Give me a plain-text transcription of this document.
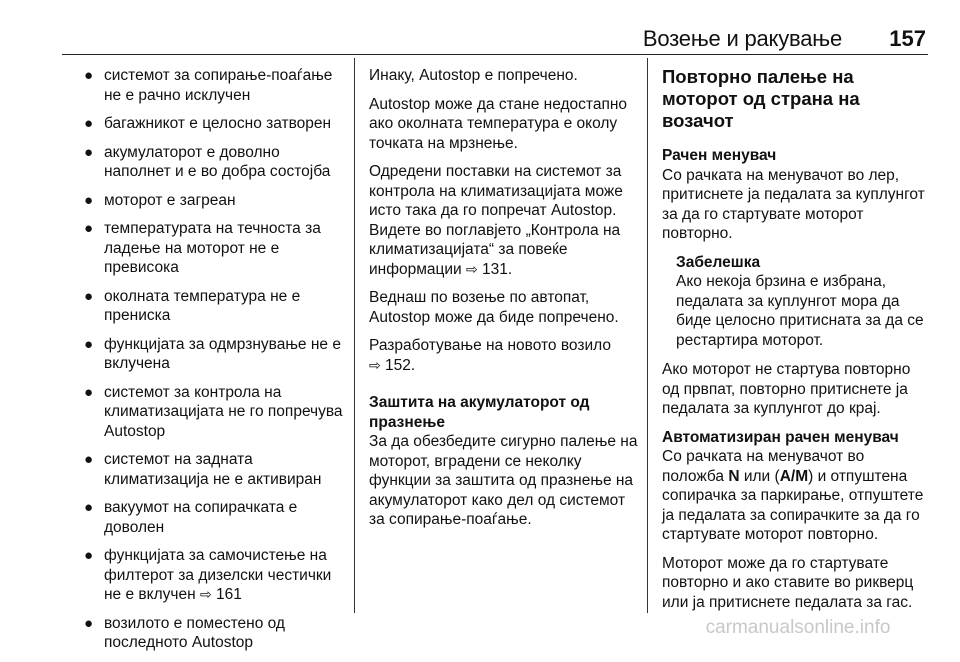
Возење и ракување 157
● системот за сопирање-поаѓање не е рачно исклучен
● багажникот е целосно затворен
● акумулаторот е доволно наполнет и е во добра состојба
● моторот е загреан
● температурата на течноста за ладење на моторот не е превисока
● околната температура не е прениска
● функцијата за одмрзнување не е вклучена
● системот за контрола на климатизацијата не го попречува Autostop
● системот на задната климатизација не е активиран
● вакуумот на сопирачката е доволен
● функцијата за самочистење на филтерот за дизелски честички не е вклучен ⇨ 161
● возилото е поместено од последното Autostop

Инаку, Autostop е попречено.

Autostop може да стане недостапно ако околната температура е околу точката на мрзнење.

Одредени поставки на системот за контрола на климатизацијата може исто така да го попречат Autostop. Видете во поглавјето „Контрола на климатизацијата“ за повеќе информации ⇨ 131.

Веднаш по возење по автопат, Autostop може да биде попречено.

Разработување на новото возило
⇨ 152.

Заштита на акумулаторот од празнење

За да обезбедите сигурно палење на моторот, вградени се неколку функции за заштита од празнење на акумулаторот како дел од системот за сопирање-поаѓање.

Повторно палење на моторот од страна на возачот
Рачен менувач

Со рачката на менувачот во лер, притиснете ја педалата за куплунгот за да го стартувате моторот повторно.

Забелешка
Ако некоја брзина е избрана, педалата за куплунгот мора да биде целосно притисната за да се рестартира моторот.

Ако моторот не стартува повторно од првпат, повторно притиснете ја педалата за куплунгот до крај.

Автоматизиран рачен менувач

Со рачката на менувачот во положба N или (A/M) и отпуштена сопирачка за паркирање, отпуштете ја педалата за сопирачките за да го стартувате моторот повторно.

Моторот може да го стартувате повторно и ако ставите во рикверц или ја притиснете педалата за гас.

carmanualsonline.info
